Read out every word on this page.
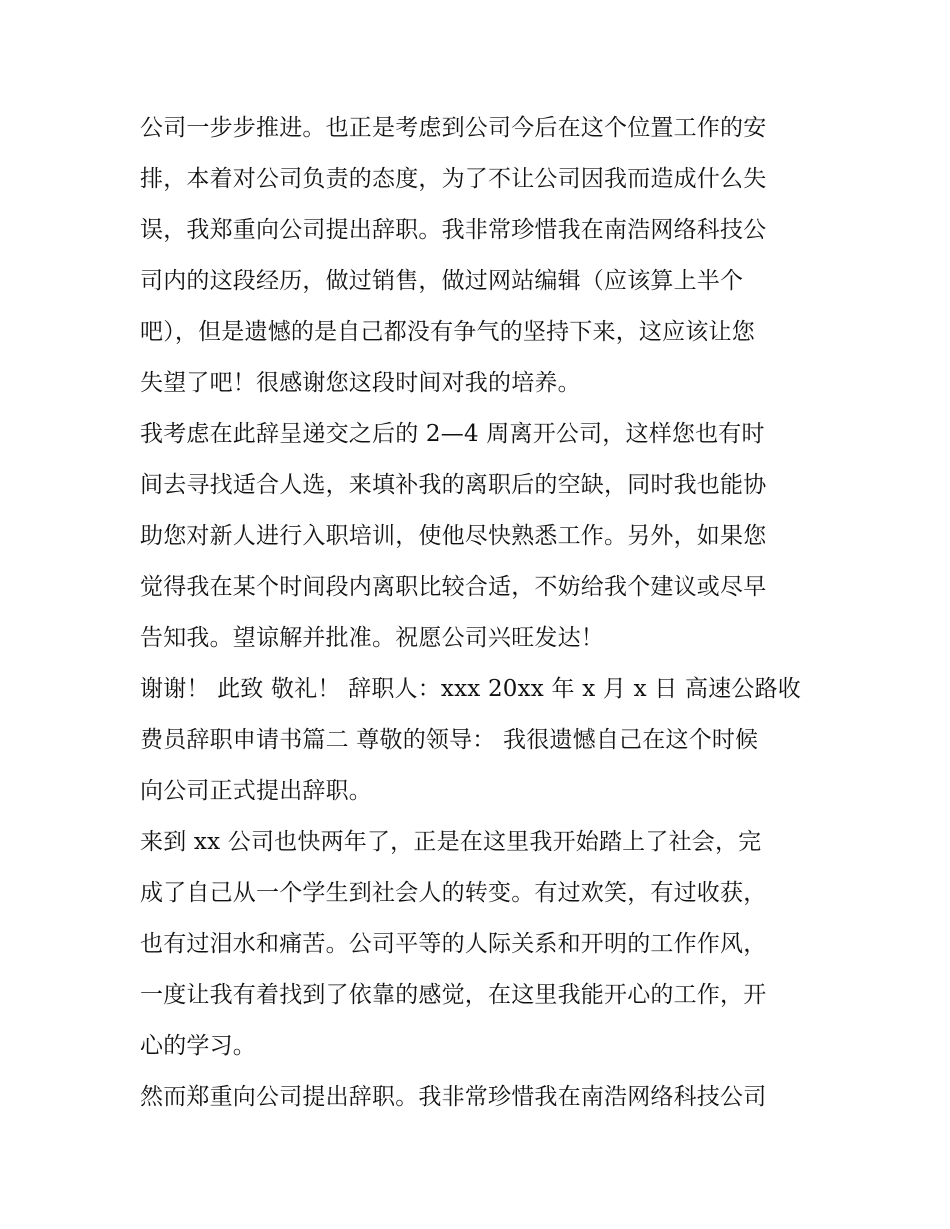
公司一步步推进。也正是考虑到公司今后在这个位置工作的安
排，本着对公司负责的态度，为了不让公司因我而造成什么失
误，我郑重向公司提出辞职。我非常珍惜我在南浩网络科技公
司内的这段经历，做过销售，做过网站编辑（应该算上半个
吧），但是遗憾的是自己都没有争气的坚持下来，这应该让您
失望了吧！很感谢您这段时间对我的培养。
我考虑在此辞呈递交之后的 2—4 周离开公司，这样您也有时
间去寻找适合人选，来填补我的离职后的空缺，同时我也能协
助您对新人进行入职培训，使他尽快熟悉工作。另外，如果您
觉得我在某个时间段内离职比较合适，不妨给我个建议或尽早
告知我。望谅解并批准。祝愿公司兴旺发达！
谢谢！ 此致 敬礼！ 辞职人：xxx 20xx 年 x 月 x 日 高速公路收
费员辞职申请书篇二 尊敬的领导： 我很遗憾自己在这个时候
向公司正式提出辞职。
来到 xx 公司也快两年了，正是在这里我开始踏上了社会，完
成了自己从一个学生到社会人的转变。有过欢笑，有过收获，
也有过泪水和痛苦。公司平等的人际关系和开明的工作作风，
一度让我有着找到了依靠的感觉，在这里我能开心的工作，开
心的学习。
然而郑重向公司提出辞职。我非常珍惜我在南浩网络科技公司
